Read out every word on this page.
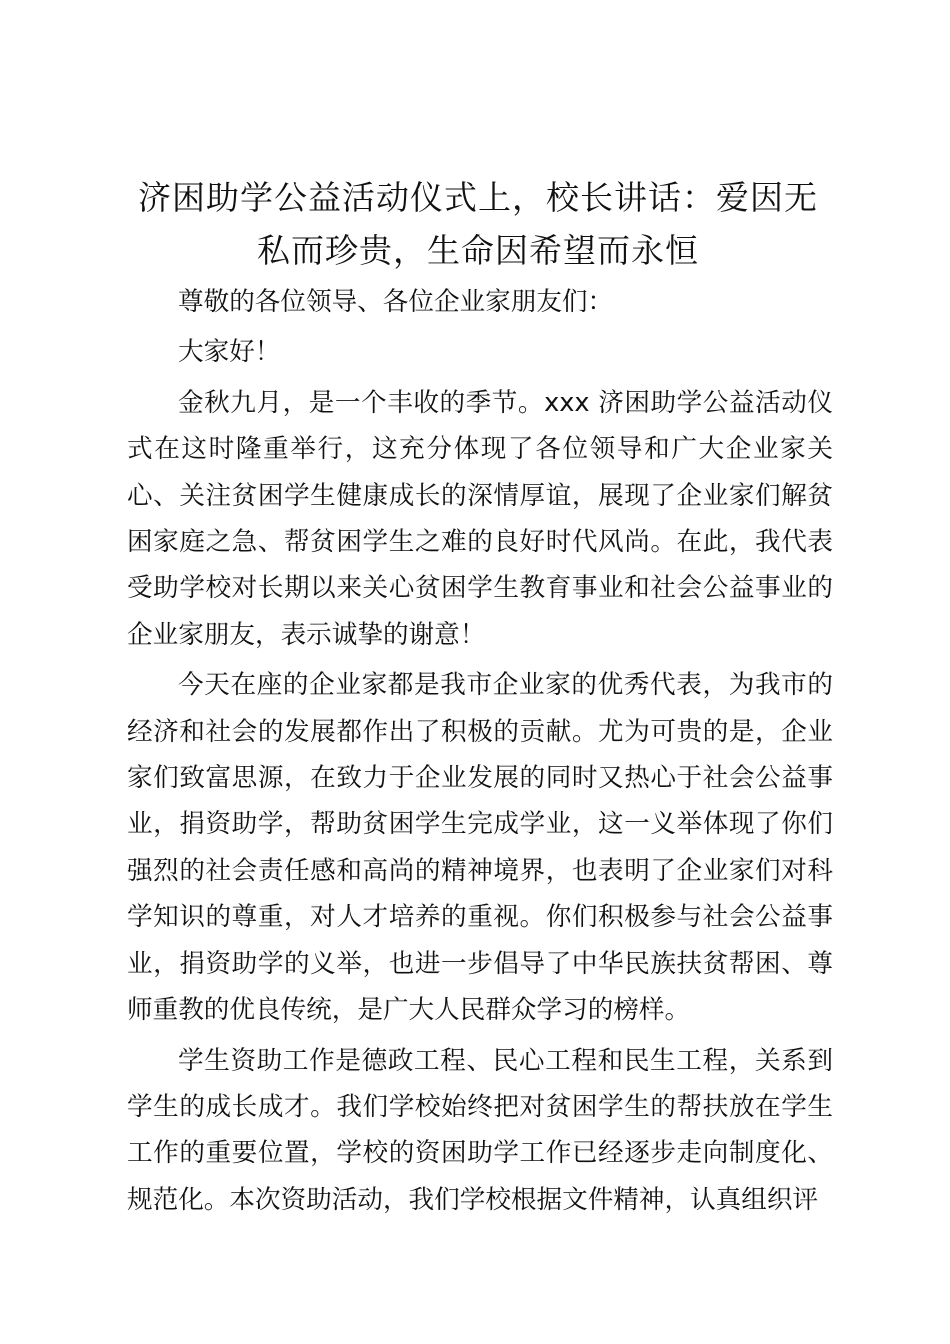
济困助学公益活动仪式上，校长讲话：爱因无
私而珍贵，生命因希望而永恒

尊敬的各位领导、各位企业家朋友们：

大家好！

金秋九月，是一个丰收的季节。xxx 济困助学公益活动仪式在这时隆重举行，这充分体现了各位领导和广大企业家关心、关注贫困学生健康成长的深情厚谊，展现了企业家们解贫困家庭之急、帮贫困学生之难的良好时代风尚。在此，我代表受助学校对长期以来关心贫困学生教育事业和社会公益事业的企业家朋友，表示诚挚的谢意！

今天在座的企业家都是我市企业家的优秀代表，为我市的经济和社会的发展都作出了积极的贡献。尤为可贵的是，企业家们致富思源，在致力于企业发展的同时又热心于社会公益事业，捐资助学，帮助贫困学生完成学业，这一义举体现了你们强烈的社会责任感和高尚的精神境界，也表明了企业家们对科学知识的尊重，对人才培养的重视。你们积极参与社会公益事业，捐资助学的义举，也进一步倡导了中华民族扶贫帮困、尊师重教的优良传统，是广大人民群众学习的榜样。

学生资助工作是德政工程、民心工程和民生工程，关系到学生的成长成才。我们学校始终把对贫困学生的帮扶放在学生工作的重要位置，学校的资困助学工作已经逐步走向制度化、规范化。本次资助活动，我们学校根据文件精神，认真组织评
